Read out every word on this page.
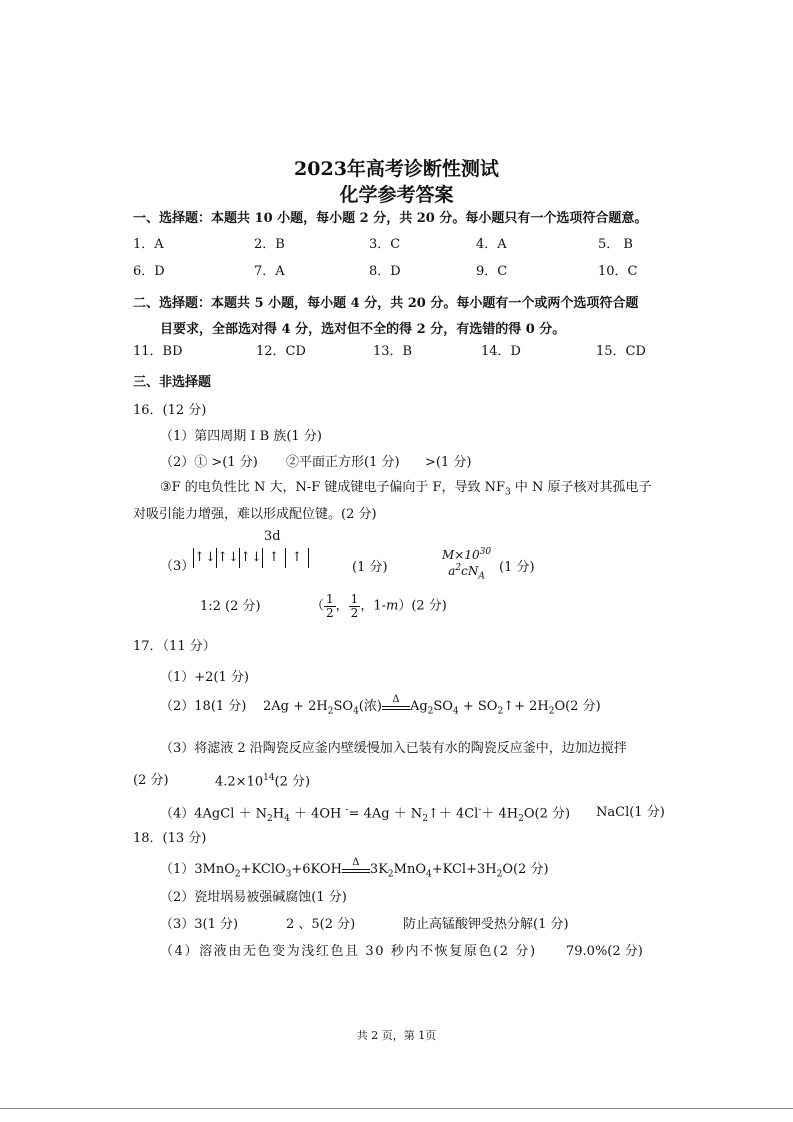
2023年高考诊断性测试
化学参考答案
一、选择题：本题共 10 小题，每小题 2 分，共 20 分。每小题只有一个选项符合题意。
1．A	2．B	3．C	4．A	5． B
6．D	7．A	8．D	9．C	10．C
二、选择题：本题共 5 小题，每小题 4 分，共 20 分。每小题有一个或两个选项符合题
目要求，全部选对得 4 分，选对但不全的得 2 分，有选错的得 0 分。
11．BD	12．CD	13．B	14．D	15．CD
三、非选择题
16．(12 分)
（1）第四周期 I B 族(1 分)
（2）① >(1 分) ②平面正方形(1 分) >(1 分)
③F 的电负性比 N 大，N-F 键成键电子偏向于 F，导致 $NF_3$ 中 N 原子核对其孤电子
对吸引能力增强，难以形成配位键。(2 分)
3d
（3）
↑↓ ↑↓ ↑↓ ↑ ↑
(1 分)
$M\times 10^{30}$
$a^2cN_A$
(1 分)
1:2 (2 分)	（ $\frac{1}{2}$ ， $\frac{1}{2}$ ，1-m）(2 分)
17．（11 分）
（1）+2(1 分)
（2）18(1 分) $2Ag + 2H_2SO_4$(浓)	Δ $Ag_2SO_4$ + $SO_2↑+ 2H_2O(2$ 分)
（3）将滤液 2 沿陶瓷反应釜内壁缓慢加入已装有水的陶瓷反应釜中，边加边搅拌
(2 分)	$4.2\times 10^{14}(2$ 分)
（4）4AgCl ＋ $N_2H_4 + 4OH$ $^-= 4Ag + N_2↑+ 4Cl^-+ 4H_2O(2$ 分) NaCl(1 分)
18．(13 分)
（1）3MnO$_2$+KClO$_3$+6KOH	Δ $3K_2MnO_4+KCl+3H_2O(2$ 分)
（2）瓷坩埚易被强碱腐蚀(1 分)
（3）3(1 分)	2 、5(2 分)	防止高锰酸钾受热分解(1 分)
（4）溶液由无色变为浅红色且 30 秒内不恢复原色(2 分) 79.0%(2 分)
共 2 页，第 1页
